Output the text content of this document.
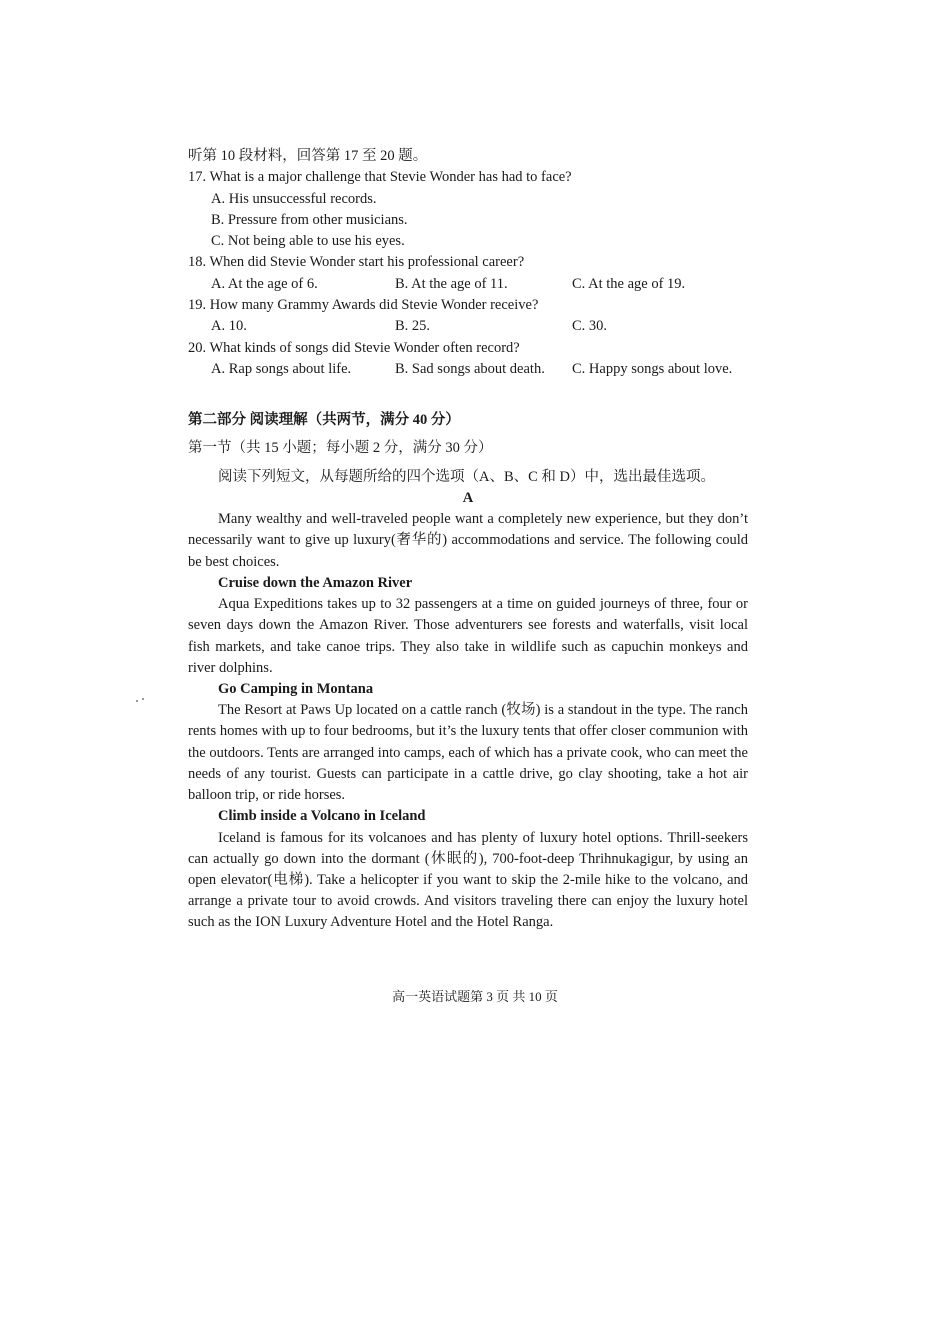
听第 10 段材料，回答第 17 至 20 题。
17. What is a major challenge that Stevie Wonder has had to face?
A. His unsuccessful records.
B. Pressure from other musicians.
C. Not being able to use his eyes.
18. When did Stevie Wonder start his professional career?
A. At the age of 6.	B. At the age of 11.	C. At the age of 19.
19. How many Grammy Awards did Stevie Wonder receive?
A. 10.	B. 25.	C. 30.
20. What kinds of songs did Stevie Wonder often record?
A. Rap songs about life.	B. Sad songs about death.	C. Happy songs about love.
第二部分 阅读理解（共两节，满分 40 分）
第一节（共 15 小题；每小题 2 分，满分 30 分）
阅读下列短文，从每题所给的四个选项（A、B、C 和 D）中，选出最佳选项。
A
Many wealthy and well-traveled people want a completely new experience, but they don’t necessarily want to give up luxury(奢华的) accommodations and service. The following could be best choices.
Cruise down the Amazon River
Aqua Expeditions takes up to 32 passengers at a time on guided journeys of three, four or seven days down the Amazon River. Those adventurers see forests and waterfalls, visit local fish markets, and take canoe trips. They also take in wildlife such as capuchin monkeys and river dolphins.
Go Camping in Montana
The Resort at Paws Up located on a cattle ranch (牧场) is a standout in the type. The ranch rents homes with up to four bedrooms, but it’s the luxury tents that offer closer communion with the outdoors. Tents are arranged into camps, each of which has a private cook, who can meet the needs of any tourist. Guests can participate in a cattle drive, go clay shooting, take a hot air balloon trip, or ride horses.
Climb inside a Volcano in Iceland
Iceland is famous for its volcanoes and has plenty of luxury hotel options. Thrill-seekers can actually go down into the dormant (休眠的), 700-foot-deep Thrihnukagigur, by using an open elevator(电梯). Take a helicopter if you want to skip the 2-mile hike to the volcano, and arrange a private tour to avoid crowds. And visitors traveling there can enjoy the luxury hotel such as the ION Luxury Adventure Hotel and the Hotel Ranga.
高一英语试题第 3 页 共 10 页
